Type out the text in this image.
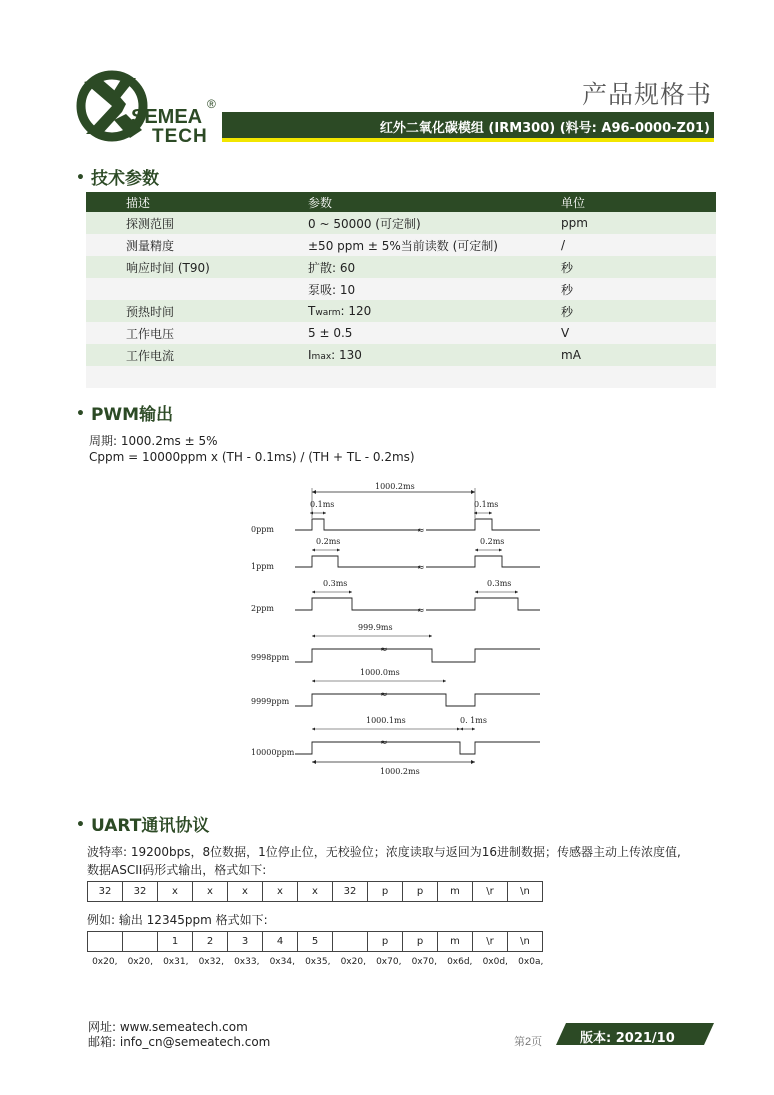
SEMEA
TECH
®	产品规格书
红外二氧化碳模组 (IRM300) (料号: A96-0000-Z01)
• 技术参数
	描述	参数	单位
	探测范围	0 ~ 50000 (可定制)	ppm
	测量精度	±50 ppm ± 5%当前读数 (可定制)	/
	响应时间 (T90)	扩散: 60	秒
		泵吸: 10	秒
	预热时间	Twarm: 120	秒
	工作电压	5 ± 0.5	V
	工作电流	Imax: 130	mA

• PWM输出
周期: 1000.2ms ± 5%
Cppm = 10000ppm x (TH - 0.1ms) / (TH + TL - 0.2ms)
1000.2ms
0ppm
0.1ms	0.1ms
≈
1ppm
0.2ms	0.2ms
≈
2ppm
0.3ms	0.3ms
≈
9998ppm
999.9ms
≈
9999ppm
1000.0ms
≈
10000ppm
1000.1ms	0. 1ms
≈
1000.2ms
• UART通讯协议
波特率: 19200bps，8位数据，1位停止位，无校验位；浓度读取与返回为16进制数据；传感器主动上传浓度值,
数据ASCII码形式输出，格式如下:
32	32	x	x	x	x	x	32	p	p	m	\r	\n
例如: 输出 12345ppm 格式如下:
		1	2	3	4	5		p	p	m	\r	\n
0x20,	0x20,	0x31,	0x32,	0x33,	0x34,	0x35,	0x20,	0x70,	0x70,	0x6d,	0x0d,	0x0a,
网址: www.semeatech.com
邮箱: info_cn@semeatech.com	第2页	版本: 2021/10
